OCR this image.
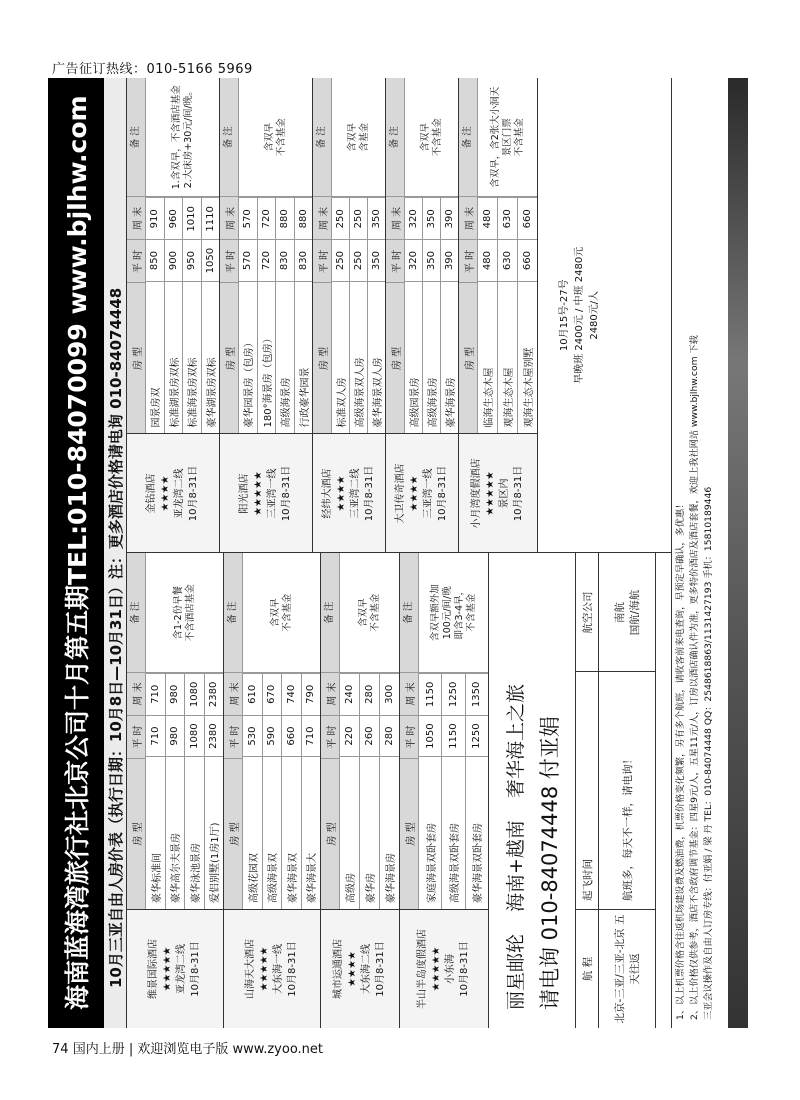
广告征订热线：010-5166 5969
海南蓝海湾旅行社北京公司十月第五期TEL:010-84070099 www.bjlhw.com 10月三亚自由人房价表（执行日期：10月8日—10月31日）注：更多酒店价格请电询 010-84074448 维景国际酒店 ★★★★★ 亚龙湾二线 10月8-31日
房 型
平 时
周 末
备 注
豪华标准间
710
710
豪华高尔夫景房
980
980
豪华泳池景房
1080
1080
爱侣别墅(1房1厅)
2380
2380
含1-2份早餐
不含酒店基金
山海天大酒店 ★★★★★ 大东海一线 10月8-31日
房 型
平 时
周 末
备 注
高级花园双
530
610
高级海景双
590
670
豪华海景双
660
740
豪华海景大
710
790
含双早
不含基金
城市运通酒店 ★★★★ 大东海二线 10月8-31日
房 型
平 时
周 末
备 注
高级房
220
240
豪华房
260
280
豪华海景房
280
300
含双早
不含基金
半山半岛度假酒店 ★★★★★ 小东海 10月8-31日
房 型
平 时
周 末
备 注
家庭海景双卧套房
1050
1150
高级海景双卧套房
1150
1250
豪华海景双卧套房
1250
1350
含双早额外加
100元/间/晚
即含3-4早，
不含基金
丽星邮轮
海南+越南
奢华海上之旅 请电询 010-84074448 付亚娟	航 程
起飞时间
航空公司
北京-三亚/三亚-北京 五天往返
航班多，每天不一样，请电询！
南航 国航/海航
金钻酒店 ★★★★ 亚龙湾二线 10月8-31日
房 型
平 时
周 末
备 注
园景房双
850
910
标准湖景房双标
900
960
标准海景房双标
950
1010
豪华湖景房双标
1050
1110
1.含双早，不含酒店基金
2.大床房+30元/间/晚。
阳光酒店 ★★★★★ 三亚湾一线 10月8-31日
房 型
平 时
周 末
备 注
豪华园景房（包房）
570
570
180°海景房（包房）
720
720
高级海景房
830
880
行政豪华园景
830
880
含双早
不含基金
经纬大酒店 ★★★★ 三亚湾二线 10月8-31日
房 型
平 时
周 末
备 注
标准双人房
250
250
高级海景双人房
250
250
豪华海景双人房
350
350
含双早
含基金
大卫传奇酒店 ★★★★ 三亚湾一线 10月8-31日
房 型
平 时
周 末
备 注
高级园景房
320
320
高级海景房
350
350
豪华海景房
390
390
含双早
不含基金
小月湾度假酒店 ★★★★★ 景区内 10月8-31日
房 型
平 时
周 末
备 注
临海生态木屋
480
480
观海生态木屋
630
630
观海生态木屋别墅
660
660
含双早，含2张大小洞天景区门票
不含基金
10月15号-27号 早晚班 2400元 / 中班 2480元 2480元/人
1、以上机票价格含往返机场建设费及燃油费，机票价格变化频繁，另有多个航班，请收客前来电查询，早预定早确认，多优惠！ 2、以上价格仅供参考，酒店不含政府调节基金：四星9元/人，五星11元/人，订房以酒店确认件为准，更多特价酒店及酒店套餐，欢迎上我社网站 www.bjlhw.com 下载 三亚会议操作及自由人订房专线：付亚娟 / 梁 丹 TEL：010-84074448 QQ：2548618863/1131427193 手机：15810189446
74 国内上册 | 欢迎浏览电子版 www.zyoo.net
